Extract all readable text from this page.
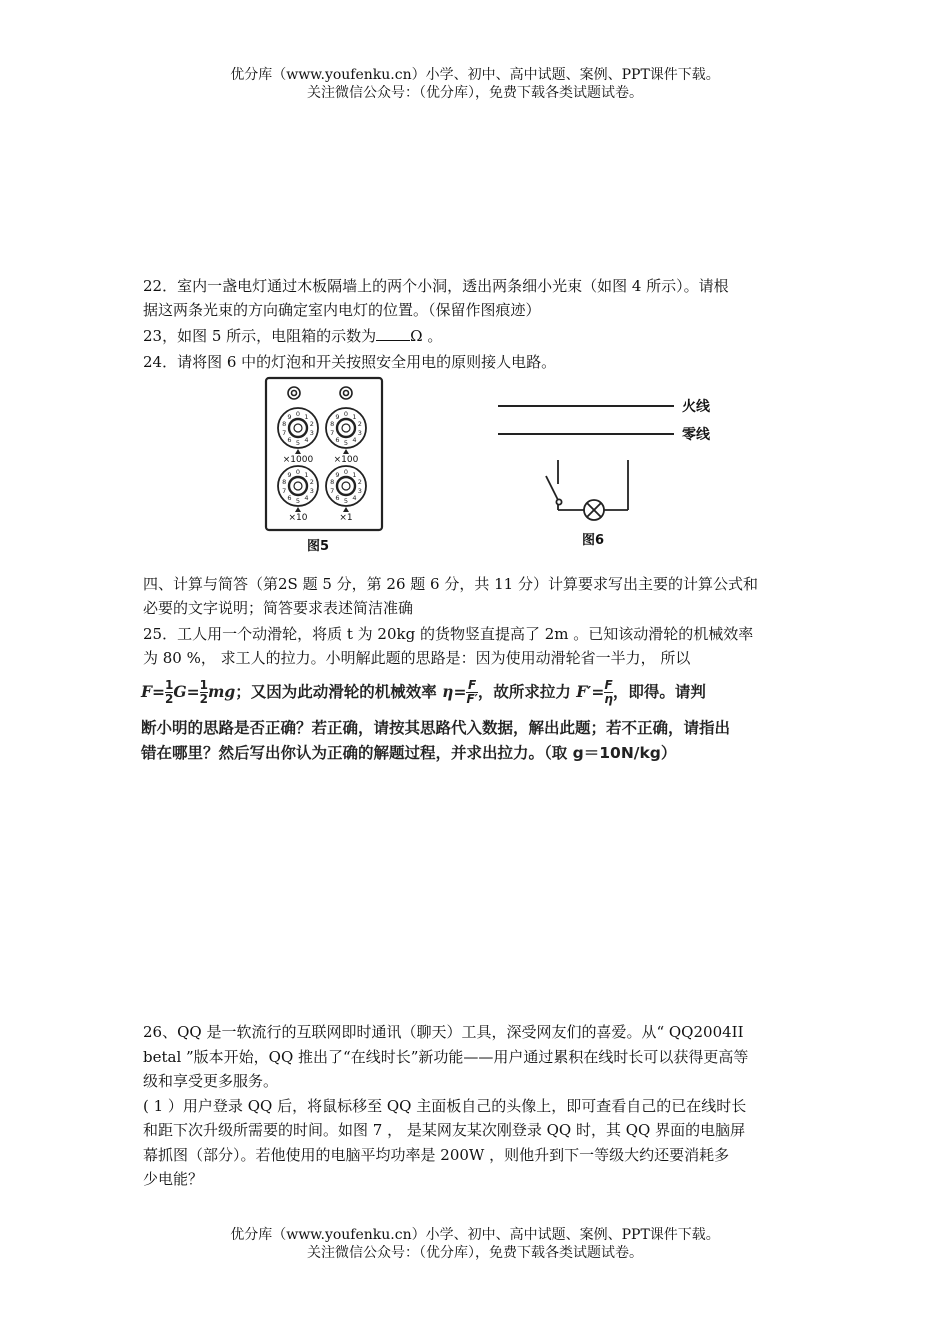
优分库（www.youfenku.cn）小学、初中、高中试题、案例、PPT课件下载。
关注微信公众号：（优分库），免费下载各类试题试卷。
22．室内一盏电灯通过木板隔墙上的两个小洞，透出两条细小光束（如图 4 所示）。请根
据这两条光束的方向确定室内电灯的位置。（保留作图痕迹）
23，如图 5 所示，电阻箱的示数为 Ω 。
24．请将图 6 中的灯泡和开关按照安全用电的原则接人电路。
0 1
2
3
4
5
6
7
8
9	0 1
2
3
4
5
6
7
8
9
0 1
2
3
4
5
6
7
8
9	0 1
2
3
4
5
6
7
8
9
×1000 ×100
×10	×1
图5
火线
零线
图6
四、计算与简答（第2S 题 5 分，第 26 题 6 分，共 11 分）计算要求写出主要的计算公式和
必要的文字说明；简答要求表述简洁准确
25．工人用一个动滑轮，将质 t 为 20kg 的货物竖直提高了 2m 。已知该动滑轮的机械效率
为 80 %， 求工人的拉力。小明解此题的思路是：因为使用动滑轮省一半力， 所以
$F= \frac{1}{2} G= \frac{1}{2}$ mg；又因为此动滑轮的机械效率 $\eta= \frac{F}{F'}$ ，故所求拉力 $F'= \frac{F}{\eta}$ ，即得。请判
断小明的思路是否正确？若正确，请按其思路代入数据，解出此题；若不正确，请指出
错在哪里？然后写出你认为正确的解题过程，并求出拉力。（取 g＝10N/kg）
26、QQ 是一软流行的互联网即时通讯（聊天）工具，深受网友们的喜爱。从“ QQ2004II
betal ”版本开始，QQ 推出了“在线时长”新功能——用户通过累积在线时长可以获得更高等
级和享受更多服务。
( 1 ）用户登录 QQ 后，将鼠标移至 QQ 主面板自己的头像上，即可查看自己的已在线时长
和距下次升级所需要的时间。如图 7 ， 是某网友某次刚登录 QQ 时，其 QQ 界面的电脑屏
幕抓图（部分）。若他使用的电脑平均功率是 200W ，则他升到下一等级大约还要消耗多
少电能？
优分库（www.youfenku.cn）小学、初中、高中试题、案例、PPT课件下载。
关注微信公众号：（优分库），免费下载各类试题试卷。
